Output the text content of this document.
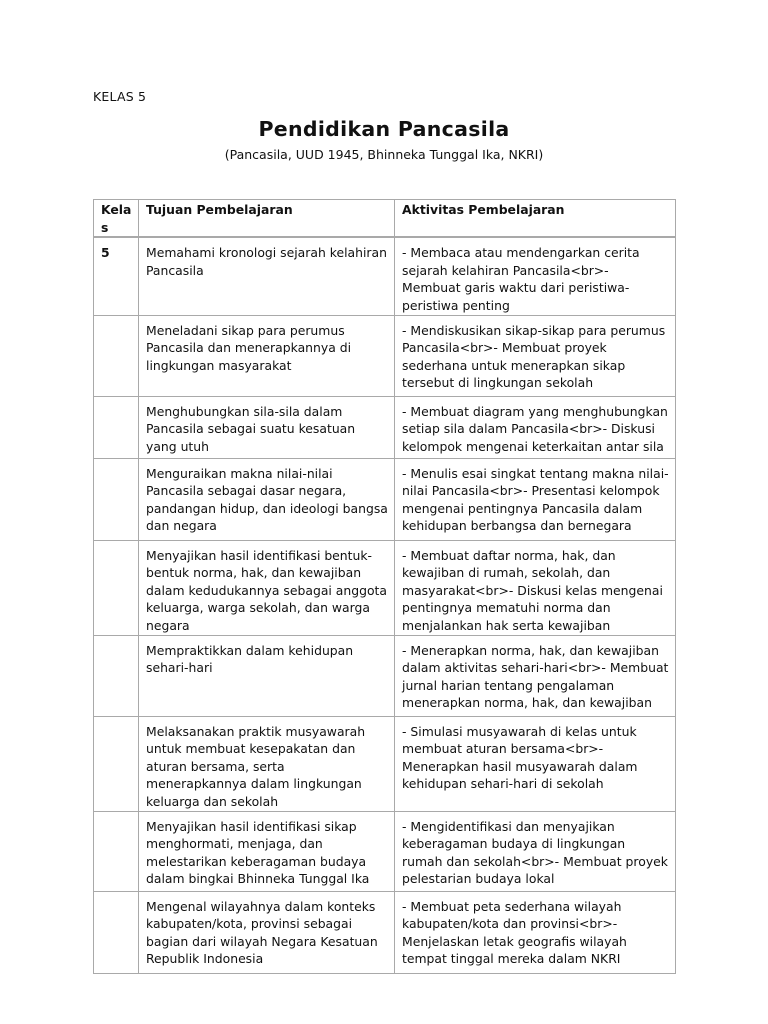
KELAS 5
Pendidikan Pancasila
(Pancasila, UUD 1945, Bhinneka Tunggal Ika, NKRI)
Kelas	Tujuan Pembelajaran	Aktivitas Pembelajaran
5	Memahami kronologi sejarah kelahiran Pancasila	- Membaca atau mendengarkan cerita sejarah kelahiran Pancasila<br>- Membuat garis waktu dari peristiwa-peristiwa penting
	Meneladani sikap para perumus Pancasila dan menerapkannya di lingkungan masyarakat	- Mendiskusikan sikap-sikap para perumus Pancasila<br>- Membuat proyek sederhana untuk menerapkan sikap tersebut di lingkungan sekolah
	Menghubungkan sila-sila dalam Pancasila sebagai suatu kesatuan yang utuh	- Membuat diagram yang menghubungkan setiap sila dalam Pancasila<br>- Diskusi kelompok mengenai keterkaitan antar sila
	Menguraikan makna nilai-nilai Pancasila sebagai dasar negara, pandangan hidup, dan ideologi bangsa dan negara	- Menulis esai singkat tentang makna nilai-nilai Pancasila<br>- Presentasi kelompok mengenai pentingnya Pancasila dalam kehidupan berbangsa dan bernegara
	Menyajikan hasil identifikasi bentuk-bentuk norma, hak, dan kewajiban dalam kedudukannya sebagai anggota keluarga, warga sekolah, dan warga negara	- Membuat daftar norma, hak, dan kewajiban di rumah, sekolah, dan masyarakat<br>- Diskusi kelas mengenai pentingnya mematuhi norma dan menjalankan hak serta kewajiban
	Mempraktikkan dalam kehidupan sehari-hari	- Menerapkan norma, hak, dan kewajiban dalam aktivitas sehari-hari<br>- Membuat jurnal harian tentang pengalaman menerapkan norma, hak, dan kewajiban
	Melaksanakan praktik musyawarah untuk membuat kesepakatan dan aturan bersama, serta menerapkannya dalam lingkungan keluarga dan sekolah	- Simulasi musyawarah di kelas untuk membuat aturan bersama<br>- Menerapkan hasil musyawarah dalam kehidupan sehari-hari di sekolah
	Menyajikan hasil identifikasi sikap menghormati, menjaga, dan melestarikan keberagaman budaya dalam bingkai Bhinneka Tunggal Ika	- Mengidentifikasi dan menyajikan keberagaman budaya di lingkungan rumah dan sekolah<br>- Membuat proyek pelestarian budaya lokal
	Mengenal wilayahnya dalam konteks kabupaten/kota, provinsi sebagai bagian dari wilayah Negara Kesatuan Republik Indonesia	- Membuat peta sederhana wilayah kabupaten/kota dan provinsi<br>- Menjelaskan letak geografis wilayah tempat tinggal mereka dalam NKRI
